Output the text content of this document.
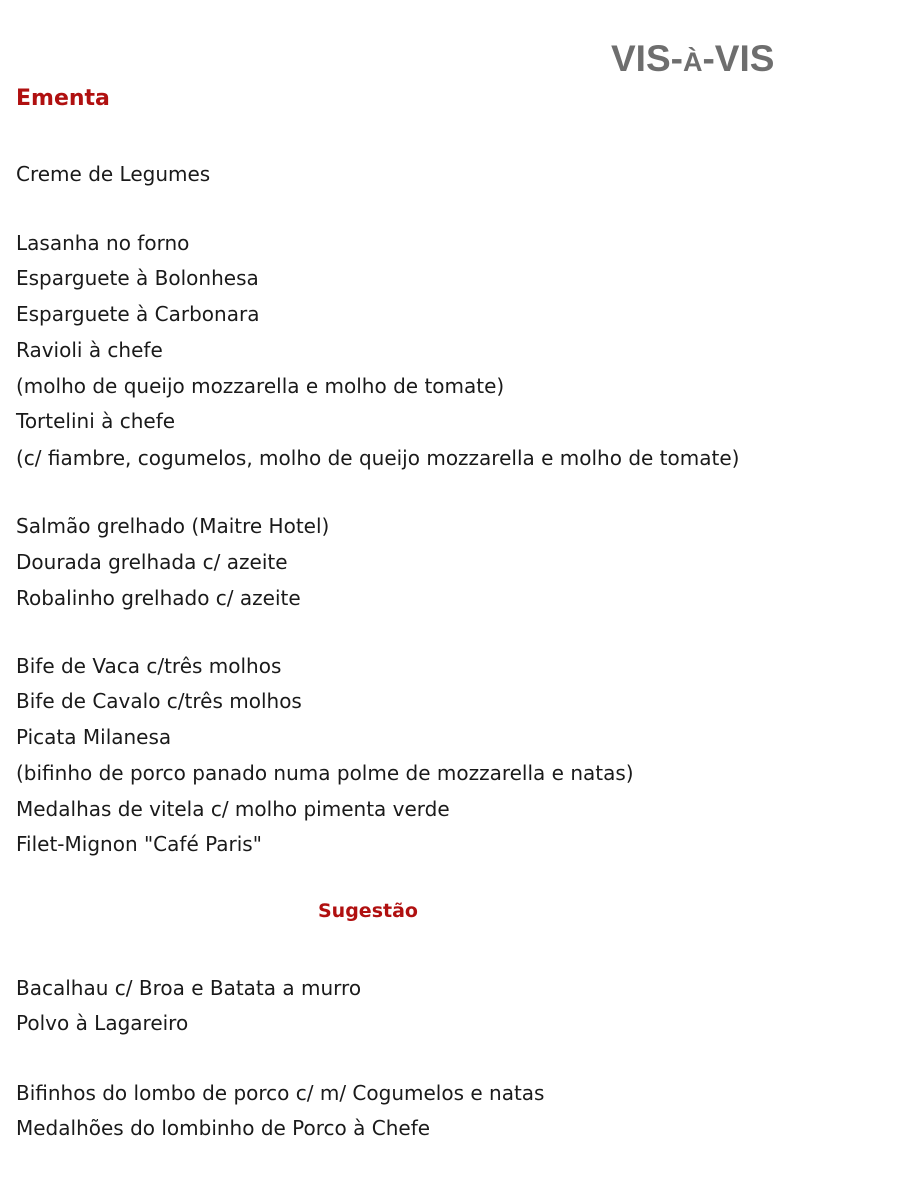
VIS-À-VIS
Ementa
Creme de Legumes
Lasanha no forno
Esparguete à Bolonhesa
Esparguete à Carbonara
Ravioli à chefe
(molho de queijo mozzarella e molho de tomate)
Tortelini à chefe
(c/ fiambre, cogumelos, molho de queijo mozzarella e molho de tomate)
Salmão grelhado (Maitre Hotel)
Dourada grelhada c/ azeite
Robalinho grelhado c/ azeite
Bife de Vaca c/três molhos
Bife de Cavalo c/três molhos
Picata Milanesa
(bifinho de porco panado numa polme de mozzarella e natas)
Medalhas de vitela c/ molho pimenta verde
Filet-Mignon "Café Paris"
Sugestão
Bacalhau c/ Broa e Batata a murro
Polvo à Lagareiro
Bifinhos do lombo de porco c/ m/ Cogumelos e natas
Medalhões do lombinho de Porco à Chefe
